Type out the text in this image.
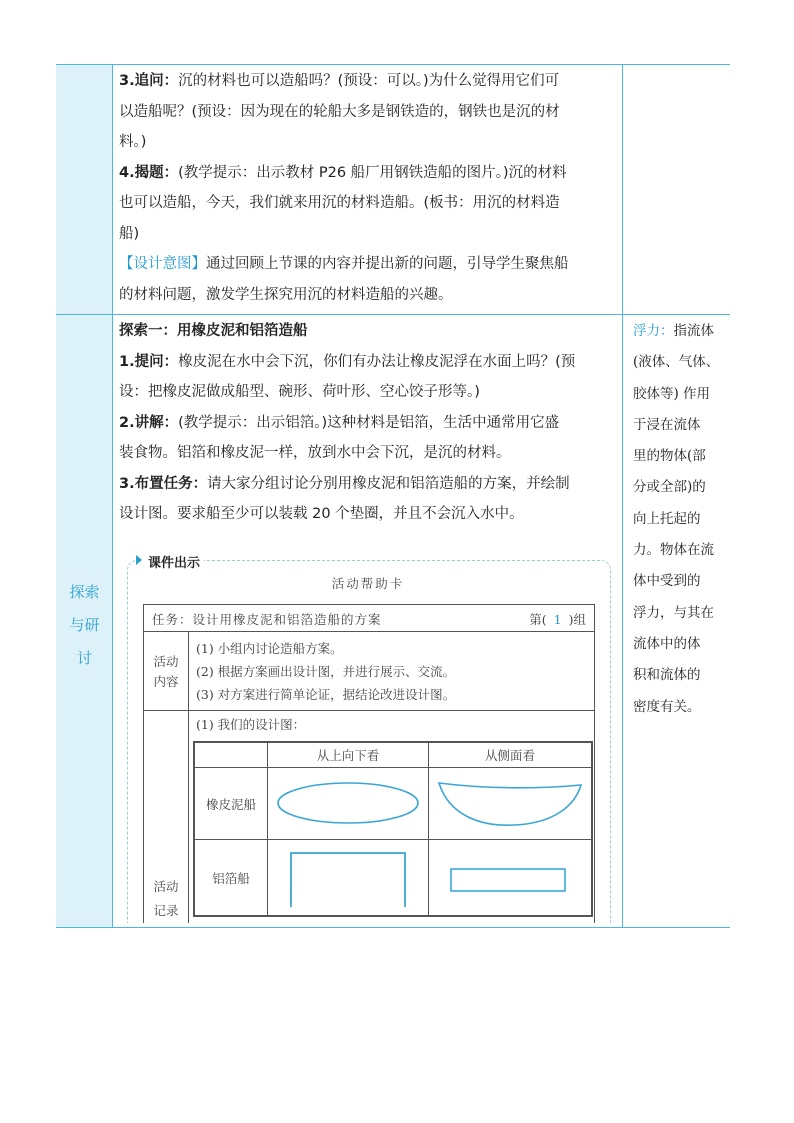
3.追问：沉的材料也可以造船吗？(预设：可以。)为什么觉得用它们可

以造船呢？(预设：因为现在的轮船大多是钢铁造的，钢铁也是沉的材

料。)

4.揭题：(教学提示：出示教材 P26 船厂用钢铁造船的图片。)沉的材料

也可以造船，今天，我们就来用沉的材料造船。(板书：用沉的材料造

船)

【设计意图】通过回顾上节课的内容并提出新的问题，引导学生聚焦船

的材料问题，激发学生探究用沉的材料造船的兴趣。

探索
与研
讨

探索一：用橡皮泥和铝箔造船

1.提问：橡皮泥在水中会下沉，你们有办法让橡皮泥浮在水面上吗？(预

设：把橡皮泥做成船型、碗形、荷叶形、空心饺子形等。)

2.讲解：(教学提示：出示铝箔。)这种材料是铝箔，生活中通常用它盛

装食物。铝箔和橡皮泥一样，放到水中会下沉，是沉的材料。

3.布置任务：请大家分组讨论分别用橡皮泥和铝箔造船的方案，并绘制

设计图。要求船至少可以装载 20 个垫圈，并且不会沉入水中。

课件出示
活动帮助卡
任务：设计用橡皮泥和铝箔造船的方案	第( 1 )组
活动
内容
(1) 小组内讨论造船方案。
(2) 根据方案画出设计图，并进行展示、交流。
(3) 对方案进行简单论证，据结论改进设计图。
活动
记录
(1) 我们的设计图：
从上向下看	从侧面看
橡皮泥船
铝箔船
浮力：指流体
(液体、气体、
胶体等) 作用
于浸在流体
里的物体(部
分或全部)的
向上托起的
力。物体在流
体中受到的
浮力，与其在
流体中的体
积和流体的
密度有关。
